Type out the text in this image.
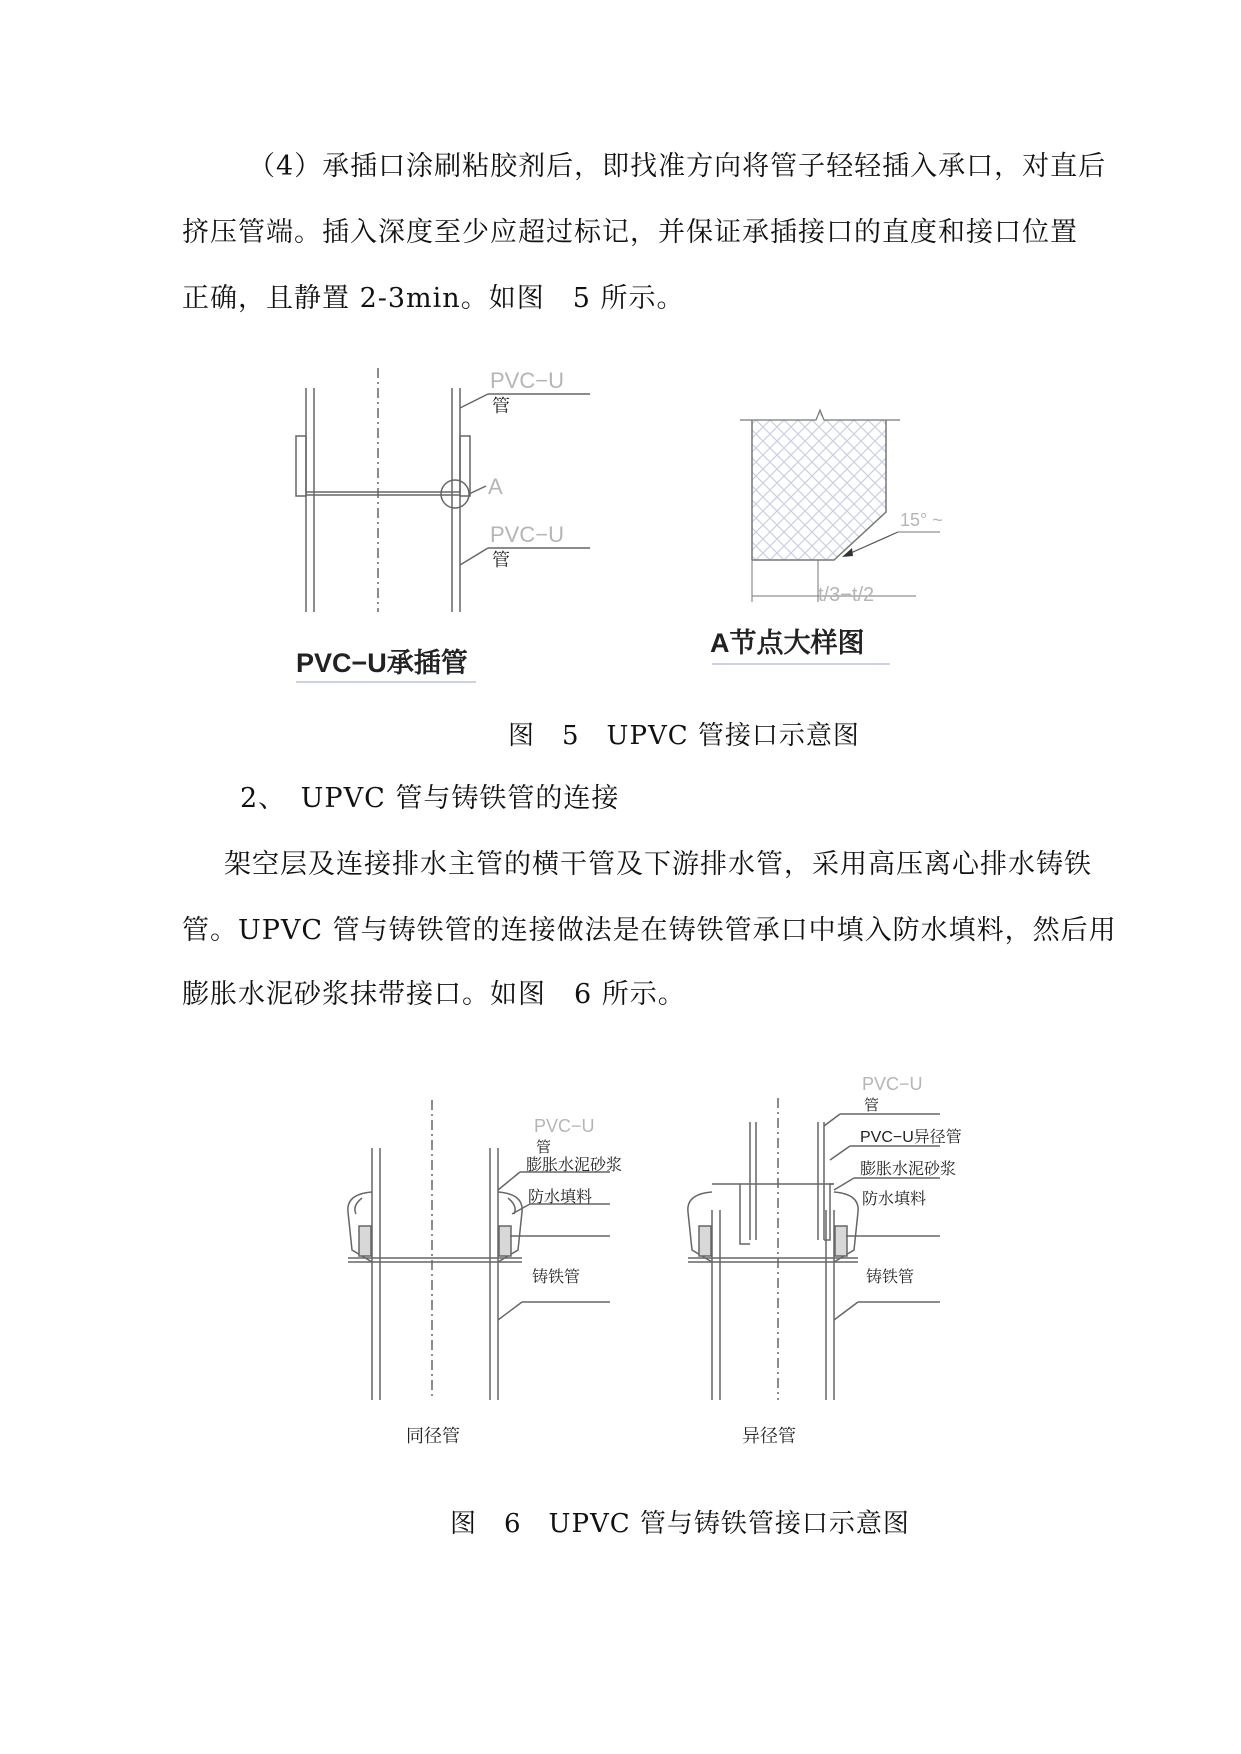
（4）承插口涂刷粘胶剂后，即找准方向将管子轻轻插入承口，对直后
挤压管端。插入深度至少应超过标记，并保证承插接口的直度和接口位置
正确，且静置 2-3min。如图　5 所示。
PVC−U
管
A
PVC−U
管
PVC−U承插管
15° ~
t/3−t/2
A节点大样图
图　5　UPVC 管接口示意图
2、　UPVC 管与铸铁管的连接
架空层及连接排水主管的横干管及下游排水管，采用高压离心排水铸铁
管。UPVC 管与铸铁管的连接做法是在铸铁管承口中填入防水填料，然后用
膨胀水泥砂浆抹带接口。如图　6 所示。
PVC−U
管
膨胀水泥砂浆
防水填料
铸铁管
同径管
PVC−U
管
PVC−U异径管
膨胀水泥砂浆
防水填料
铸铁管
异径管
图　6　UPVC 管与铸铁管接口示意图
